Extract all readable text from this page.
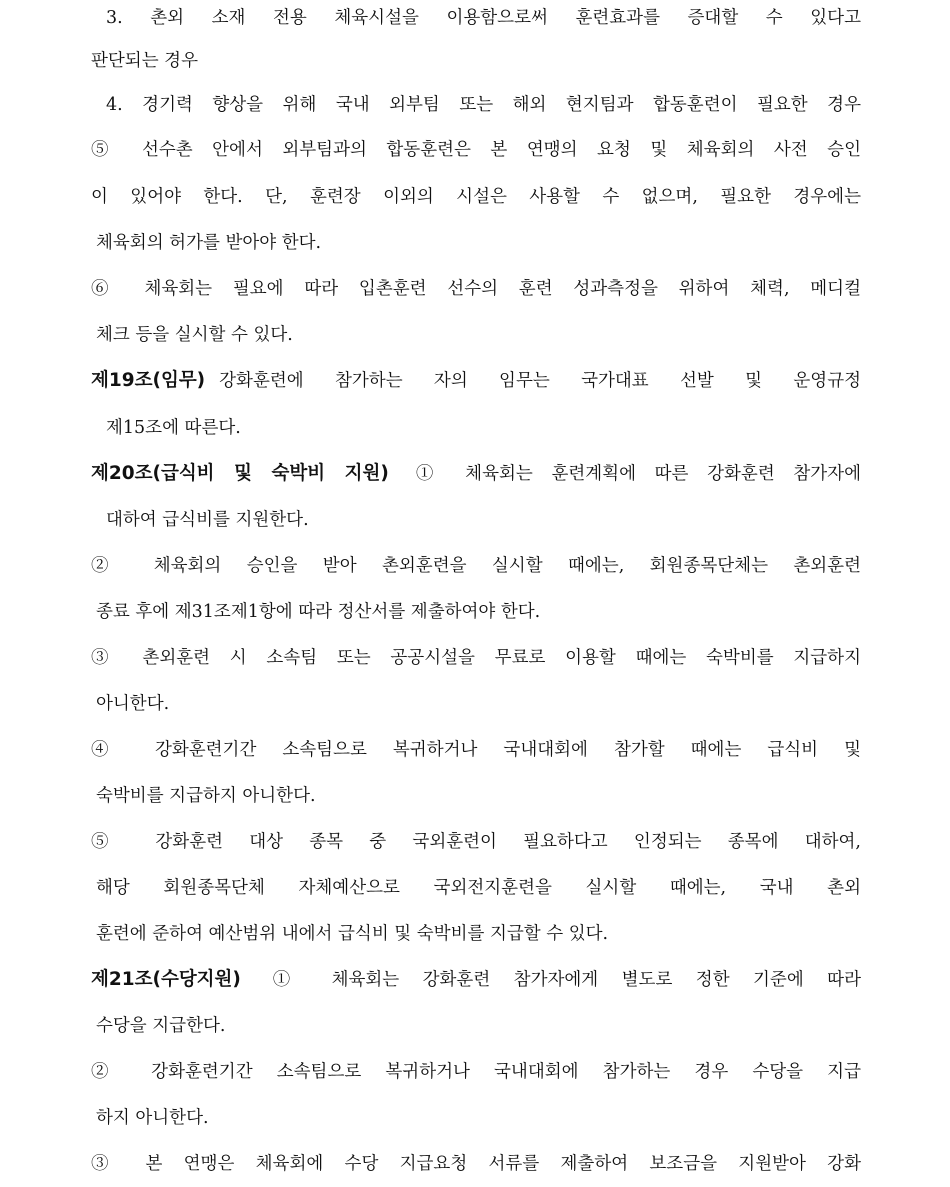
3. 촌외 소재 전용 체육시설을 이용함으로써 훈련효과를 증대할 수 있다고
판단되는 경우
4. 경기력 향상을 위해 국내 외부팀 또는 해외 현지팀과 합동훈련이 필요한 경우
⑤ 선수촌 안에서 외부팀과의 합동훈련은 본 연맹의 요청 및 체육회의 사전 승인
이 있어야 한다. 단, 훈련장 이외의 시설은 사용할 수 없으며, 필요한 경우에는
체육회의 허가를 받아야 한다.
⑥ 체육회는 필요에 따라 입촌훈련 선수의 훈련 성과측정을 위하여 체력, 메디컬
체크 등을 실시할 수 있다.
제19조(임무) 강화훈련에 참가하는 자의 임무는 국가대표 선발 및 운영규정
제15조에 따른다.
제20조(급식비 및 숙박비 지원) ① 체육회는 훈련계획에 따른 강화훈련 참가자에
대하여 급식비를 지원한다.
② 체육회의 승인을 받아 촌외훈련을 실시할 때에는, 회원종목단체는 촌외훈련
종료 후에 제31조제1항에 따라 정산서를 제출하여야 한다.
③ 촌외훈련 시 소속팀 또는 공공시설을 무료로 이용할 때에는 숙박비를 지급하지
아니한다.
④ 강화훈련기간 소속팀으로 복귀하거나 국내대회에 참가할 때에는 급식비 및
숙박비를 지급하지 아니한다.
⑤ 강화훈련 대상 종목 중 국외훈련이 필요하다고 인정되는 종목에 대하여,
해당 회원종목단체 자체예산으로 국외전지훈련을 실시할 때에는, 국내 촌외
훈련에 준하여 예산범위 내에서 급식비 및 숙박비를 지급할 수 있다.
제21조(수당지원) ① 체육회는 강화훈련 참가자에게 별도로 정한 기준에 따라
수당을 지급한다.
② 강화훈련기간 소속팀으로 복귀하거나 국내대회에 참가하는 경우 수당을 지급
하지 아니한다.
③ 본 연맹은 체육회에 수당 지급요청 서류를 제출하여 보조금을 지원받아 강화
